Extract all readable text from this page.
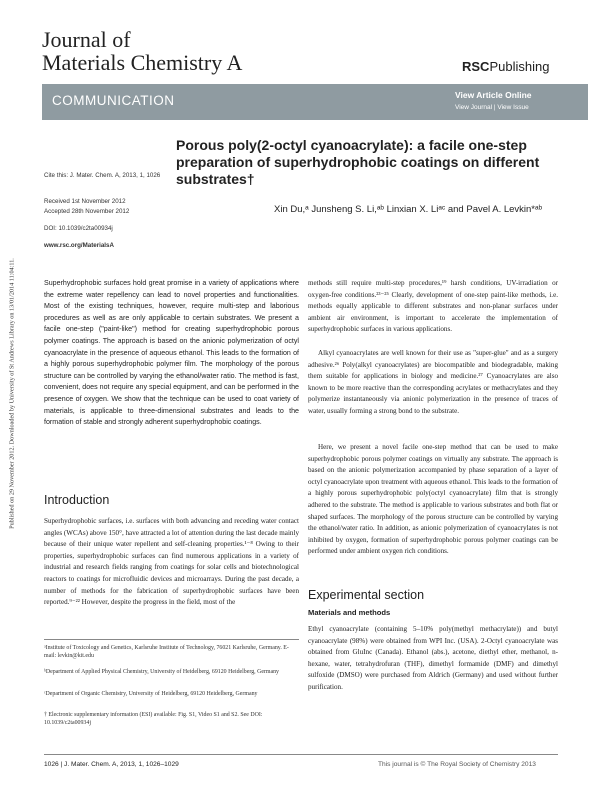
Published on 29 November 2012. Downloaded by University of St Andrews Library on 13/01/2014 11:04:11.
Journal of
Materials Chemistry A	RSCPublishing
COMMUNICATION	View Article Online
View Journal | View Issue
Porous poly(2-octyl cyanoacrylate): a facile one-step preparation of superhydrophobic coatings on different substrates†
Xin Du,ᵃ Junsheng S. Li,ᵃᵇ Linxian X. Liᵃᶜ and Pavel A. Levkin*ᵃᵇ
Cite this: J. Mater. Chem. A, 2013, 1, 1026
Received 1st November 2012
Accepted 28th November 2012
DOI: 10.1039/c2ta00934j
www.rsc.org/MaterialsA
Superhydrophobic surfaces hold great promise in a variety of applications where the extreme water repellency can lead to novel properties and functionalities. Most of the existing techniques, however, require multi-step and laborious procedures as well as are only applicable to certain substrates. We present a facile one-step ("paint-like") method for creating superhydrophobic porous polymer coatings. The approach is based on the anionic polymerization of octyl cyanoacrylate in the presence of aqueous ethanol. This leads to the formation of a highly porous superhydrophobic polymer film. The morphology of the porous structure can be controlled by varying the ethanol/water ratio. The method is fast, convenient, does not require any special equipment, and can be performed in the presence of oxygen. We show that the technique can be used to coat variety of materials, is applicable to three-dimensional substrates and leads to the formation of stable and strongly adherent superhydrophobic coatings.
Introduction
Superhydrophobic surfaces, i.e. surfaces with both advancing and receding water contact angles (WCAs) above 150°, have attracted a lot of attention during the last decade mainly because of their unique water repellent and self-cleaning properties.¹⁻⁸ Owing to their properties, superhydrophobic surfaces can find numerous applications in a variety of industrial and research fields ranging from coatings for solar cells and biotechnological reactors to coatings for microfluidic devices and microarrays. During the past decade, a number of methods for the fabrication of superhydrophobic surfaces have been reported.⁹⁻²² However, despite the progress in the field, most of the
ᵃInstitute of Toxicology and Genetics, Karlsruhe Institute of Technology, 76021 Karlsruhe, Germany. E-mail: levkin@kit.edu
ᵇDepartment of Applied Physical Chemistry, University of Heidelberg, 69120 Heidelberg, Germany
ᶜDepartment of Organic Chemistry, University of Heidelberg, 69120 Heidelberg, Germany
† Electronic supplementary information (ESI) available: Fig. S1, Video S1 and S2. See DOI: 10.1039/c2ta00934j
methods still require multi-step procedures,¹⁹ harsh conditions, UV-irradiation or oxygen-free conditions.²³⁻²⁵ Clearly, development of one-step paint-like methods, i.e. methods equally applicable to different substrates and non-planar surfaces under ambient air environment, is important to accelerate the implementation of superhydrophobic surfaces in various applications.
Alkyl cyanoacrylates are well known for their use as "super-glue" and as a surgery adhesive.²⁶ Poly(alkyl cyanoacrylates) are biocompatible and biodegradable, making them suitable for applications in biology and medicine.²⁷ Cyanoacrylates are also known to be more reactive than the corresponding acrylates or methacrylates and they polymerize instantaneously via anionic polymerization in the presence of traces of water, usually forming a strong bond to the substrate.
Here, we present a novel facile one-step method that can be used to make superhydrophobic porous polymer coatings on virtually any substrate. The approach is based on the anionic polymerization accompanied by phase separation of a layer of octyl cyanoacrylate upon treatment with aqueous ethanol. This leads to the formation of a highly porous superhydrophobic poly(octyl cyanoacrylate) film that is strongly adhered to the substrate. The method is applicable to various substrates and both flat or shaped surfaces. The morphology of the porous structure can be controlled by varying the ethanol/water ratio. In addition, as anionic polymerization of cyanoacrylates is not inhibited by oxygen, formation of superhydrophobic porous polymer coatings can be performed under ambient oxygen rich conditions.
Experimental section
Materials and methods
Ethyl cyanoacrylate (containing 5–10% poly(methyl methacrylate)) and butyl cyanoacrylate (98%) were obtained from WPI Inc. (USA). 2-Octyl cyanoacrylate was obtained from GluInc (Canada). Ethanol (abs.), acetone, diethyl ether, methanol, n-hexane, water, tetrahydrofuran (THF), dimethyl formamide (DMF) and dimethyl sulfoxide (DMSO) were purchased from Aldrich (Germany) and used without further purification.
1026 | J. Mater. Chem. A, 2013, 1, 1026–1029	This journal is © The Royal Society of Chemistry 2013
